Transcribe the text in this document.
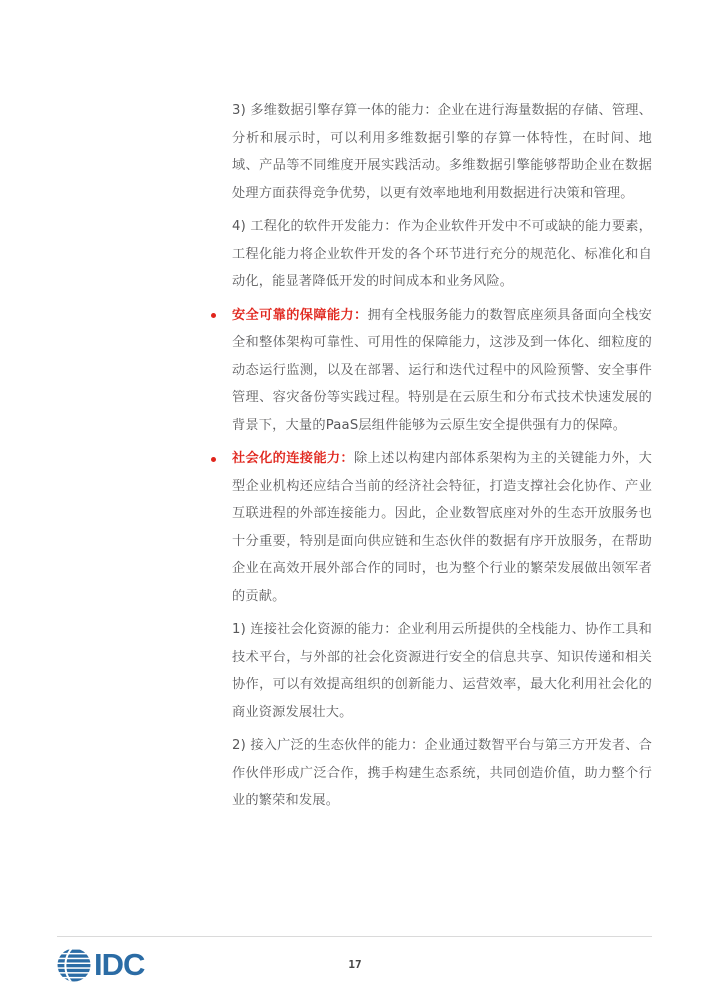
3) 多维数据引擎存算一体的能力：企业在进行海量数据的存储、管理、分析和展示时，可以利用多维数据引擎的存算一体特性，在时间、地域、产品等不同维度开展实践活动。多维数据引擎能够帮助企业在数据处理方面获得竞争优势，以更有效率地地利用数据进行决策和管理。

4) 工程化的软件开发能力：作为企业软件开发中不可或缺的能力要素，工程化能力将企业软件开发的各个环节进行充分的规范化、标准化和自动化，能显著降低开发的时间成本和业务风险。

安全可靠的保障能力：拥有全栈服务能力的数智底座须具备面向全栈安全和整体架构可靠性、可用性的保障能力，这涉及到一体化、细粒度的动态运行监测，以及在部署、运行和迭代过程中的风险预警、安全事件管理、容灾备份等实践过程。特别是在云原生和分布式技术快速发展的背景下，大量的PaaS层组件能够为云原生安全提供强有力的保障。

社会化的连接能力：除上述以构建内部体系架构为主的关键能力外，大型企业机构还应结合当前的经济社会特征，打造支撑社会化协作、产业互联进程的外部连接能力。因此，企业数智底座对外的生态开放服务也十分重要，特别是面向供应链和生态伙伴的数据有序开放服务，在帮助企业在高效开展外部合作的同时，也为整个行业的繁荣发展做出领军者的贡献。

1) 连接社会化资源的能力：企业利用云所提供的全栈能力、协作工具和技术平台，与外部的社会化资源进行安全的信息共享、知识传递和相关协作，可以有效提高组织的创新能力、运营效率，最大化利用社会化的商业资源发展壮大。

2) 接入广泛的生态伙伴的能力：企业通过数智平台与第三方开发者、合作伙伴形成广泛合作，携手构建生态系统，共同创造价值，助力整个行业的繁荣和发展。

IDC	17
